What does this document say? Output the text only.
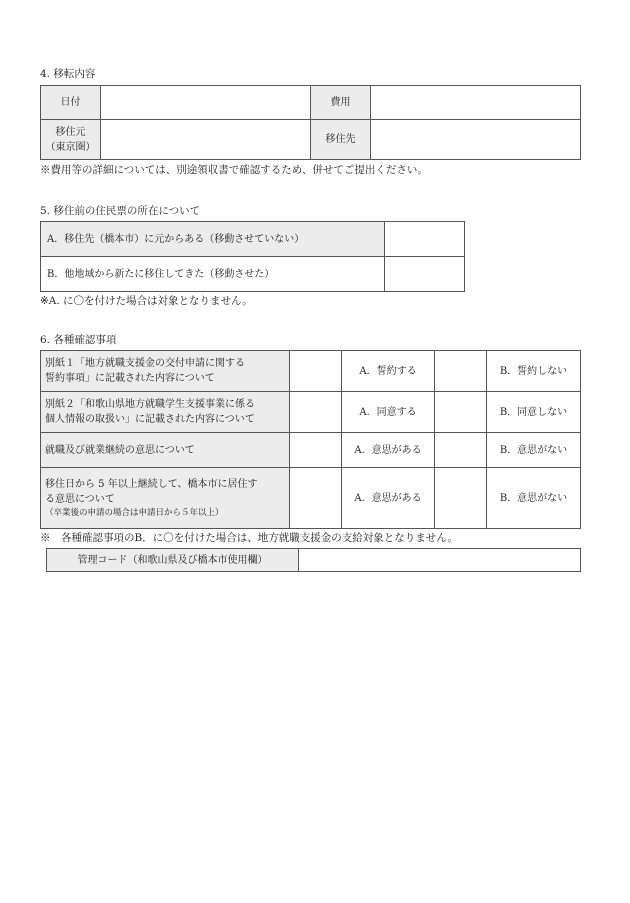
4. 移転内容
日付		費用	

移住元
（東京圏）		移住先	
※費用等の詳細については、別途領収書で確認するため、併せてご提出ください。
5. 移住前の住民票の所在について
A．移住先（橋本市）に元からある（移動させていない）	
B．他地域から新たに移住してきた（移動させた）	
※A. に〇を付けた場合は対象となりません。
6. 各種確認事項
別紙１「地方就職支援金の交付申請に関する
誓約事項」に記載された内容について		A．誓約する		B．誓約しない

別紙２「和歌山県地方就職学生支援事業に係る
個人情報の取扱い」に記載された内容について		A．同意する		B．同意しない

就職及び就業継続の意思について		A．意思がある		B．意思がない

移住日から 5 年以上継続して、橋本市に居住す
る意思について
（卒業後の申請の場合は申請日から５年以上）		A．意思がある		B．意思がない
※　各種確認事項のB．に〇を付けた場合は、地方就職支援金の支給対象となりません。
管理コード（和歌山県及び橋本市使用欄）	
